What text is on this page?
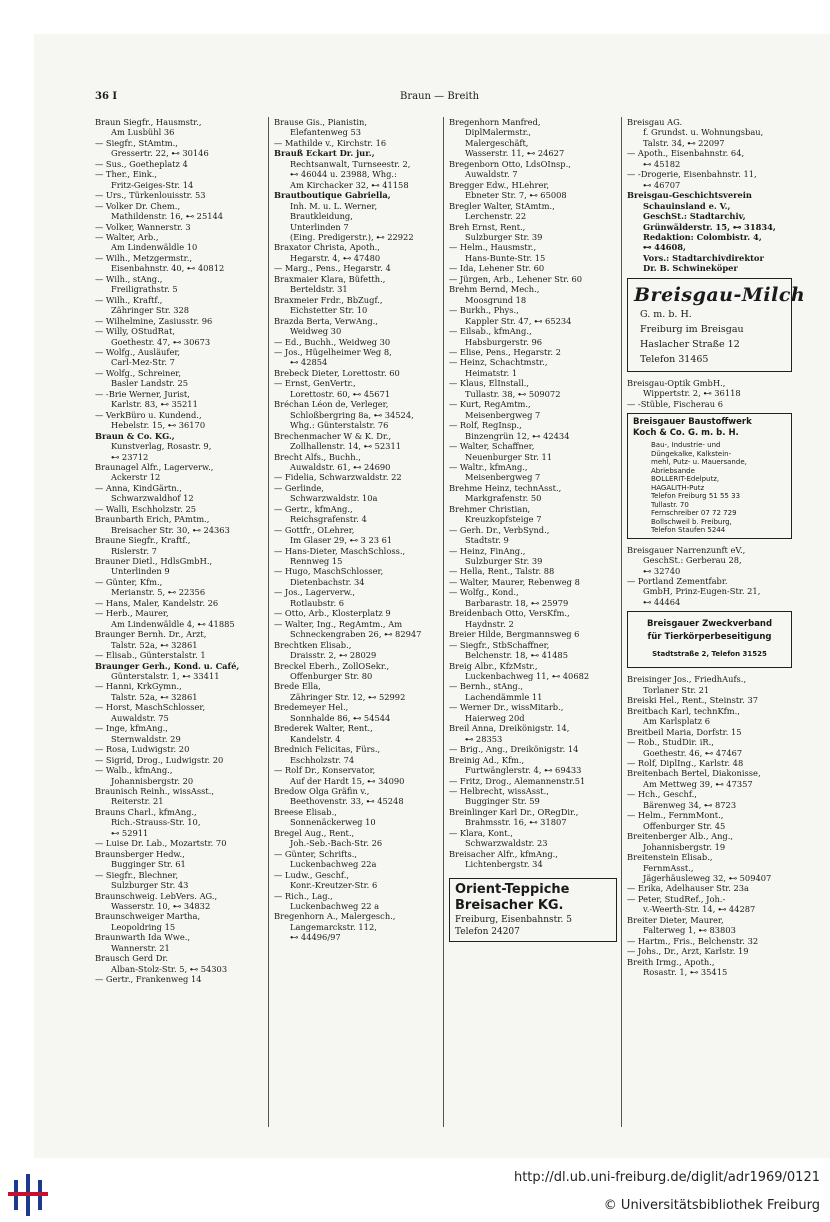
36 I	Braun — Breith
Braun Siegfr., Hausmstr.,
Am Lusbühl 36
— Siegfr., StAmtm.,
Gressertr. 22, ⊷ 30146
— Sus., Goetheplatz 4
— Ther., Eink.,
Fritz-Geiges-Str. 14
— Urs., Türkenlouisstr. 53
— Volker Dr. Chem.,
Mathildenstr. 16, ⊷ 25144
— Volker, Wannerstr. 3
— Walter, Arb.,
Am Lindenwäldle 10
— Wilh., Metzgermstr.,
Eisenbahnstr. 40, ⊷ 40812
— Wilh., stAng.,
Freiligrathstr. 5
— Wilh., Kraftf.,
Zähringer Str. 328
— Wilhelmine, Zasiusstr. 96
— Willy, OStudRat,
Goethestr. 47, ⊷ 30673
— Wolfg., Ausläufer,
Carl-Mez-Str. 7
— Wolfg., Schreiner,
Basler Landstr. 25
— -Brie Werner, Jurist,
Karlstr. 83, ⊷ 35211
— VerkBüro u. Kundend.,
Hebelstr. 15, ⊷ 36170
Braun & Co. KG.,
Kunstverlag, Rosastr. 9,
⊷ 23712
Braunagel Alfr., Lagerverw.,
Ackerstr 12
— Anna, KindGärtn.,
Schwarzwaldhof 12
— Walli, Eschholzstr. 25
Braunbarth Erich, PAmtm.,
Breisacher Str. 30, ⊷ 24363
Braune Siegfr., Kraftf.,
Rislerstr. 7
Brauner Dietl., HdlsGmbH.,
Unterlinden 9
— Günter, Kfm.,
Merianstr. 5, ⊷ 22356
— Hans, Maler, Kandelstr. 26
— Herb., Maurer,
Am Lindenwäldle 4, ⊷ 41885
Braunger Bernh. Dr., Arzt,
Talstr. 52a, ⊷ 32861
— Elisab., Günterstalstr. 1
Braunger Gerh., Kond. u. Café,
Günterstalstr. 1, ⊷ 33411
— Hanni, KrkGymn.,
Talstr. 52a, ⊷ 32861
— Horst, MaschSchlosser,
Auwaldstr. 75
— Inge, kfmAng.,
Sternwaldstr. 29
— Rosa, Ludwigstr. 20
— Sigrid, Drog., Ludwigstr. 20
— Walb., kfmAng.,
Johannisbergstr. 20
Braunisch Reinh., wissAsst.,
Reiterstr. 21
Brauns Charl., kfmAng.,
Rich.-Strauss-Str. 10,
⊷ 52911
— Luise Dr. Lab., Mozartstr. 70
Braunsberger Hedw.,
Bugginger Str. 61
— Siegfr., Blechner,
Sulzburger Str. 43
Braunschweig. LebVers. AG.,
Wasserstr. 10, ⊷ 34832
Braunschweiger Martha,
Leopoldring 15
Braunwarth Ida Wwe.,
Wannerstr. 21
Brausch Gerd Dr.
Alban-Stolz-Str. 5, ⊷ 54303
— Gertr., Frankenweg 14
Brause Gis., Pianistin,
Elefantenweg 53
— Mathilde v., Kirchstr. 16
Brauß Eckart Dr. jur.,
Rechtsanwalt, Turnseestr. 2,
⊷ 46044 u. 23988, Whg.:
Am Kirchacker 32, ⊷ 41158
Brautboutique Gabriella,
Inh. M. u. L. Werner,
Brautkleidung,
Unterlinden 7
(Eing. Predigerstr.), ⊷ 22922
Braxator Christa, Apoth.,
Hegarstr. 4, ⊷ 47480
— Marg., Pens., Hegarstr. 4
Braxmaier Klara, Büfetth.,
Berteldstr. 31
Braxmeier Frdr., BbZugf.,
Eichstetter Str. 10
Brazda Berta, VerwAng.,
Weidweg 30
— Ed., Buchh., Weidweg 30
— Jos., Hügelheimer Weg 8,
⊷ 42854
Brebeck Dieter, Lorettostr. 60
— Ernst, GenVertr.,
Lorettostr. 60, ⊷ 45671
Bréchan Léon de, Verleger,
Schloßbergring 8a, ⊷ 34524,
Whg.: Günterstalstr. 76
Brechenmacher W & K. Dr.,
Zollhallenstr. 14, ⊷ 52311
Brecht Alfs., Buchh.,
Auwaldstr. 61, ⊷ 24690
— Fidelia, Schwarzwaldstr. 22
— Gerlinde,
Schwarzwaldstr. 10a
— Gertr., kfmAng.,
Reichsgrafenstr. 4
— Gottfr., OLehrer,
Im Glaser 29, ⊷ 3 23 61
— Hans-Dieter, MaschSchloss.,
Rennweg 15
— Hugo, MaschSchlosser,
Dietenbachstr. 34
— Jos., Lagerverw.,
Rotlaubstr. 6
— Otto, Arb., Klosterplatz 9
— Walter, Ing., RegAmtm., Am
Schneckengraben 26, ⊷ 82947
Brechtken Elisab.,
Draisstr. 2, ⊷ 28029
Breckel Eberh., ZollOSekr.,
Offenburger Str. 80
Brede Ella,
Zähringer Str. 12, ⊷ 52992
Bredemeyer Hel.,
Sonnhalde 86, ⊷ 54544
Brederek Walter, Rent.,
Kandelstr. 4
Brednich Felicitas, Fürs.,
Eschholzstr. 74
— Rolf Dr., Konservator,
Auf der Hardt 15, ⊷ 34090
Bredow Olga Gräfin v.,
Beethovenstr. 33, ⊷ 45248
Breese Elisab.,
Sonnenäckerweg 10
Bregel Aug., Rent.,
Joh.-Seb.-Bach-Str. 26
— Günter, Schrifts.,
Luckenbachweg 22a
— Ludw., Geschf.,
Konr.-Kreutzer-Str. 6
— Rich., Lag.,
Luckenbachweg 22 a
Bregenhorn A., Malergesch.,
Langemarckstr. 112,
⊷ 44496/97
Bregenhorn Manfred,
DiplMalermstr.,
Malergeschäft,
Wasserstr. 11, ⊷ 24627
Bregenborn Otto, LdsOInsp.,
Auwaldstr. 7
Bregger Edw., HLehrer,
Ebneter Str. 7, ⊷ 65008
Bregler Walter, StAmtm.,
Lerchenstr. 22
Breh Ernst, Rent.,
Sulzburger Str. 39
— Helm., Hausmstr.,
Hans-Bunte-Str. 15
— Ida, Lehener Str. 60
— Jürgen, Arb., Lehener Str. 60
Brehm Bernd, Mech.,
Moosgrund 18
— Burkh., Phys.,
Kappler Str. 47, ⊷ 65234
— Eilsab., kfmAng.,
Habsburgerstr. 96
— Elise, Pens., Hegarstr. 2
— Heinz, Schachtmstr.,
Heimatstr. 1
— Klaus, ElInstall.,
Tullastr. 38, ⊷ 509072
— Kurt, RegAmtm.,
Meisenbergweg 7
— Rolf, RegInsp.,
Binzengrün 12, ⊷ 42434
— Walter, Schaffner,
Neuenburger Str. 11
— Waltr., kfmAng.,
Meisenbergweg 7
Brehme Heinz, technAsst.,
Markgrafenstr. 50
Brehmer Christian,
Kreuzkopfsteige 7
— Gerh. Dr., VerbSynd.,
Stadtstr. 9
— Heinz, FinAng.,
Sulzburger Str. 39
— Hella, Rent., Talstr. 88
— Walter, Maurer, Rebenweg 8
— Wolfg., Kond.,
Barbarastr. 18, ⊷ 25979
Breidenbach Otto, VersKfm.,
Haydnstr. 2
Breier Hilde, Bergmannsweg 6
— Siegfr., StbSchaffner,
Belchenstr. 18, ⊷ 41485
Breig Albr., KfzMstr.,
Luckenbachweg 11, ⊷ 40682
— Bernh., stAng.,
Lachendämmle 11
— Werner Dr., wissMitarb.,
Haierweg 20d
Breil Anna, Dreikönigstr. 14,
⊷ 28353
— Brig., Ang., Dreikönigstr. 14
Breinig Ad., Kfm.,
Furtwänglerstr. 4, ⊷ 69433
— Fritz, Drog., Alemannenstr.51
— Helbrecht, wissAsst.,
Bugginger Str. 59
Breinlinger Karl Dr., ORegDir.,
Brahmsstr. 16, ⊷ 31807
— Klara, Kont.,
Schwarzwaldstr. 23
Breisacher Alfr., kfmAng.,
Lichtenbergstr. 34
Orient-Teppiche
Breisacher KG.
Freiburg, Eisenbahnstr. 5
Telefon 24207
Breisgau AG.
f. Grundst. u. Wohnungsbau,
Talstr. 34, ⊷ 22097
— Apoth., Eisenbahnstr. 64,
⊷ 45182
— -Drogerie, Eisenbahnstr. 11,
⊷ 46707
Breisgau-Geschichtsverein
Schauinsland e. V.,
GeschSt.: Stadtarchiv,
Grünwälderstr. 15, ⊷ 31834,
Redaktion: Colombistr. 4,
⊷ 44608,
Vors.: Stadtarchivdirektor
Dr. B. Schwineköper
Breisgau-Milch
G. m. b. H.
Freiburg im Breisgau
Haslacher Straße 12
Telefon 31465
Breisgau-Optik GmbH.,
Wippertstr. 2, ⊷ 36118
— -Stüble, Fischerau 6
Breisgauer Baustoffwerk
Koch & Co. G. m. b. H.
Bau-, Industrie- und
Düngekalke, Kalkstein-
mehl, Putz- u. Mauersande,
Abriebsande
BOLLERIT-Edelputz,
HAGALITH-Putz
Telefon Freiburg 51 55 33
Tullastr. 70
Fernschreiber 07 72 729
Bollschweil b. Freiburg,
Telefon Staufen 5244
Breisgauer Narrenzunft eV.,
GeschSt.: Gerberau 28,
⊷ 32740
— Portland Zementfabr.
GmbH, Prinz-Eugen-Str. 21,
⊷ 44464
Breisgauer Zweckverband
für Tierkörperbeseitigung
Stadtstraße 2, Telefon 31525
Breisinger Jos., FriedhAufs.,
Torlaner Str. 21
Breiski Hel., Rent., Steinstr. 37
Breitbach Karl, technKfm.,
Am Karlsplatz 6
Breitbeil Maria, Dorfstr. 15
— Rob., StudDir. iR.,
Goethestr. 46, ⊷ 47467
— Rolf, DiplIng., Karlstr. 48
Breitenbach Bertel, Diakonisse,
Am Mettweg 39, ⊷ 47357
— Hch., Geschf.,
Bärenweg 34, ⊷ 8723
— Helm., FernmMont.,
Offenburger Str. 45
Breitenberger Alb., Ang.,
Johannisbergstr. 19
Breitenstein Elisab.,
FernmAsst.,
Jägerhäusleweg 32, ⊷ 509407
— Erika, Adelhauser Str. 23a
— Peter, StudRef., Joh.-
v.-Weerth-Str. 14, ⊷ 44287
Breiter Dieter, Maurer,
Falterweg 1, ⊷ 83803
— Hartm., Fris., Belchenstr. 32
— Johs., Dr., Arzt, Karlstr. 19
Breith Irmg., Apoth.,
Rosastr. 1, ⊷ 35415
http://dl.ub.uni-freiburg.de/diglit/adr1969/0121
© Universitätsbibliothek Freiburg
